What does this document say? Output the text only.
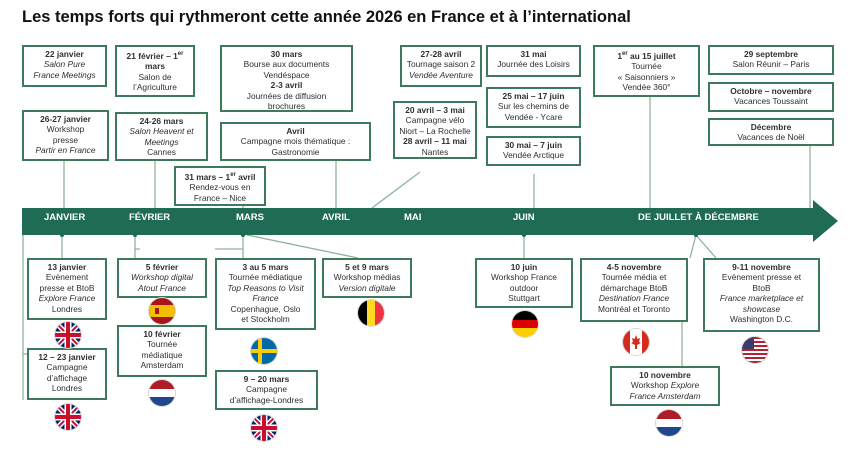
Les temps forts qui rythmeront cette année 2026 en France et à l’international
JANVIER	FÉVRIER	MARS	AVRIL	MAI	JUIN	DE JUILLET À DÉCEMBRE
22 janvier
Salon Pure
France Meetings
21 février – 1er
mars
Salon de
l’Agriculture
30 mars
Bourse aux documents
Vendéspace
2-3 avril
Journées de diffusion
brochures
27-28 avril
Tournage saison 2
Vendée Aventure
31 mai
Journée des Loisirs
1er au 15 juillet
Tournée
« Saisonniers »
Vendée 360°
29 septembre
Salon Réunir – Paris
Octobre – novembre
Vacances Toussaint
Décembre
Vacances de Noël
26-27 janvier
Workshop
presse
Partir en France
24-26 mars
Salon Heavent et
Meetings
Cannes
Avril
Campagne mois thématique :
Gastronomie
20 avril – 3 mai
Campagne vélo
Niort – La Rochelle
28 avril – 11 mai
Nantes
25 mai – 17 juin
Sur les chemins de
Vendée - Ycare
30 mai – 7 juin
Vendée Arctique
31 mars – 1er avril
Rendez-vous en
France – Nice
13 janvier
Evènement
presse et BtoB
Explore France
Londres
12 – 23 janvier
Campagne
d’affichage
Londres
5 février
Workshop digital
Atout France
10 février
Tournée
médiatique
Amsterdam
3 au 5 mars
Tournée médiatique
Top Reasons to Visit
France
Copenhague, Oslo
et Stockholm
9 – 20 mars
Campagne
d’affichage-Londres
5 et 9 mars
Workshop médias
Version digitale
10 juin
Workshop France
outdoor
Stuttgart
4-5 novembre
Tournée média et
démarchage BtoB
Destination France
Montréal et Toronto
9-11 novembre
Evènement presse et
BtoB
France marketplace et
showcase
Washington D.C.
10 novembre
Workshop Explore
France Amsterdam
